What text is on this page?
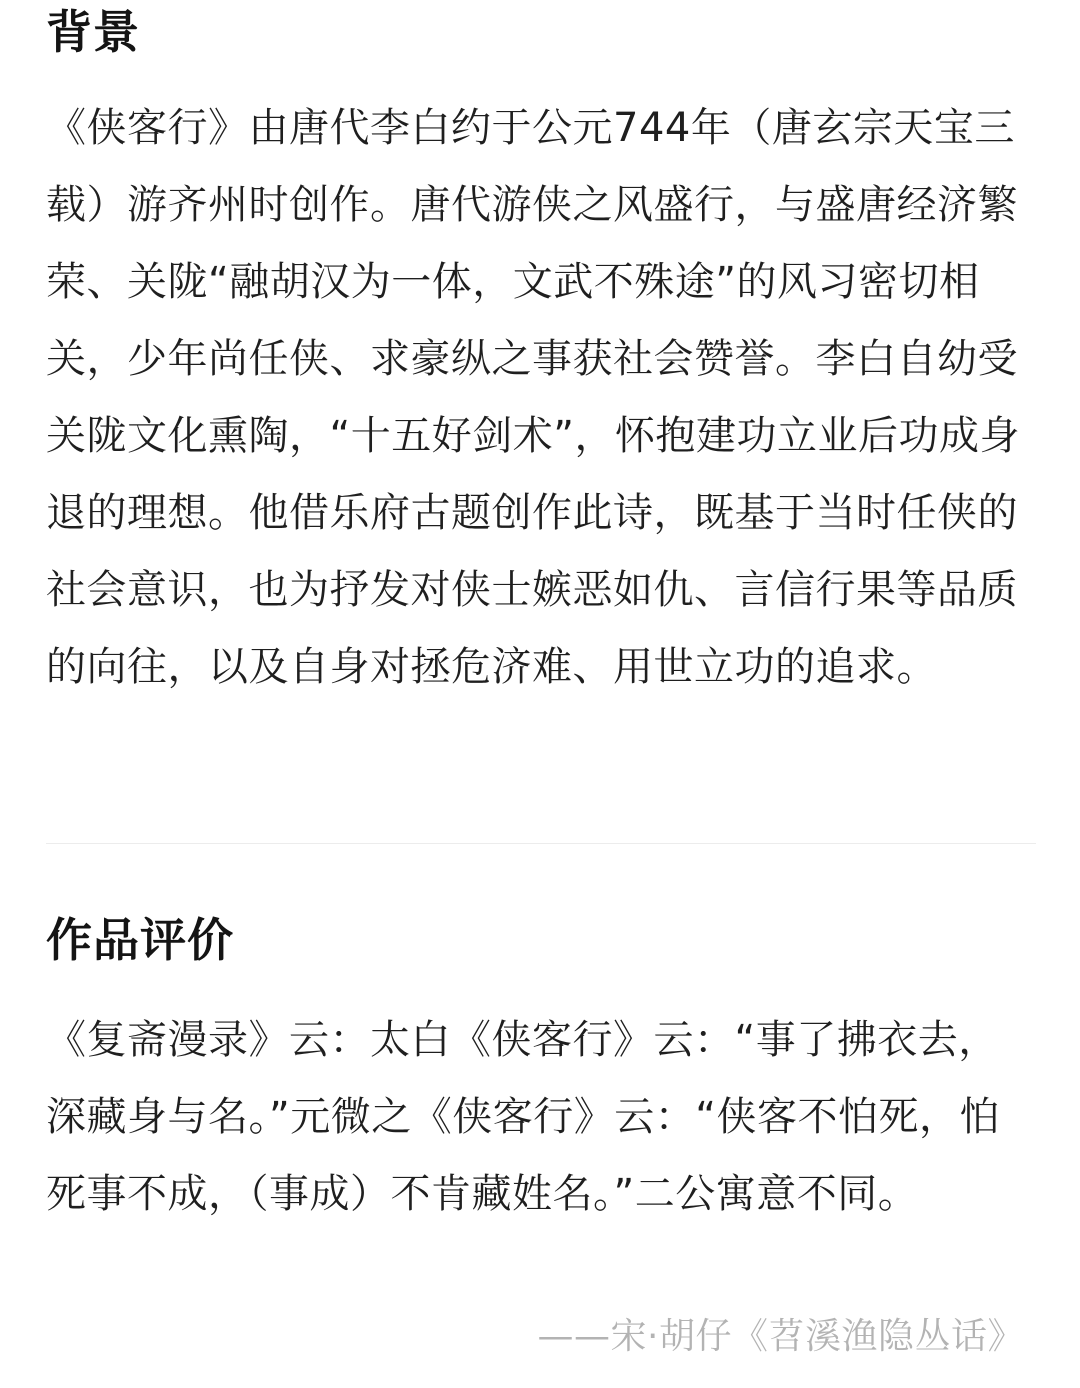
背景

《侠客行》由唐代李白约于公元744年（唐玄宗天宝三载）游齐州时创作。唐代游侠之风盛行，与盛唐经济繁荣、关陇“融胡汉为一体，文武不殊途”的风习密切相关，少年尚任侠、求豪纵之事获社会赞誉。李白自幼受关陇文化熏陶，“十五好剑术”，怀抱建功立业后功成身退的理想。他借乐府古题创作此诗，既基于当时任侠的社会意识，也为抒发对侠士嫉恶如仇、言信行果等品质的向往，以及自身对拯危济难、用世立功的追求。

作品评价

《复斋漫录》云：太白《侠客行》云：“事了拂衣去，深藏身与名。”元微之《侠客行》云：“侠客不怕死，怕死事不成，（事成）不肯藏姓名。”二公寓意不同。

——宋·胡仔《苕溪渔隐丛话》
